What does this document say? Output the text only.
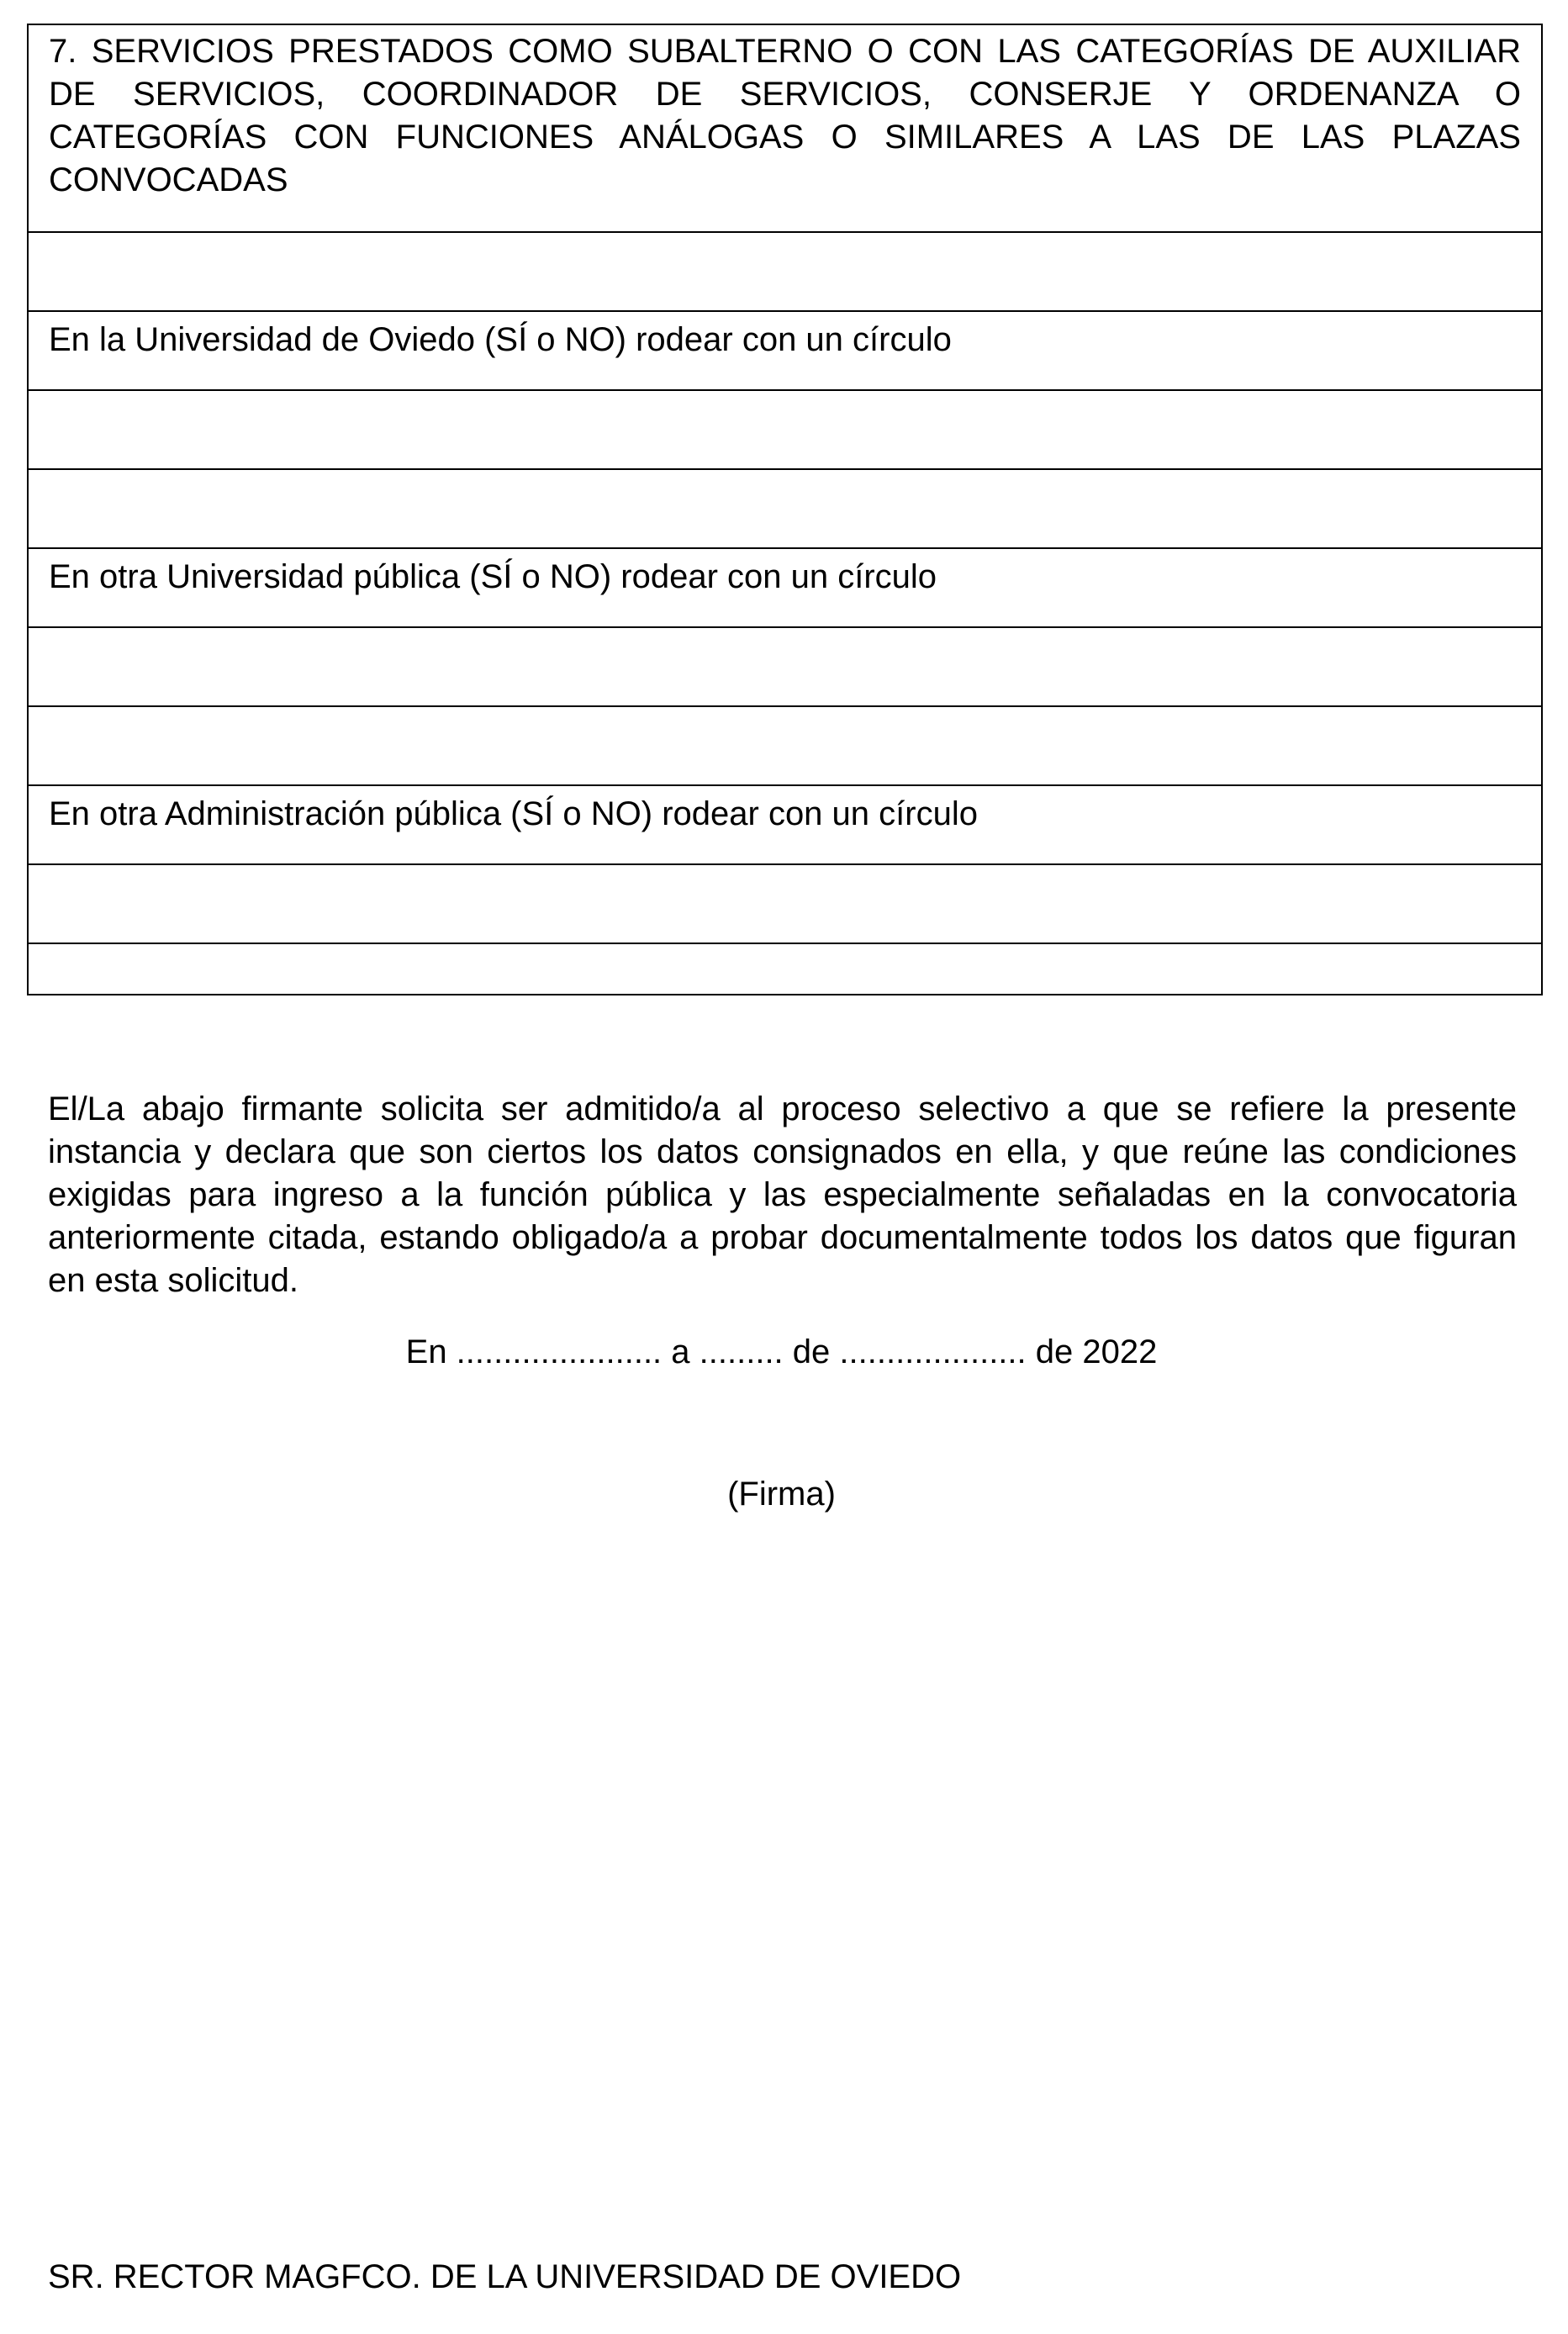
7. SERVICIOS PRESTADOS COMO SUBALTERNO O CON LAS CATEGORÍAS DE AUXILIAR
DE SERVICIOS, COORDINADOR DE SERVICIOS, CONSERJE Y ORDENANZA O
CATEGORÍAS CON FUNCIONES ANÁLOGAS O SIMILARES A LAS DE LAS PLAZAS
CONVOCADAS

En la Universidad de Oviedo (SÍ o NO) rodear con un círculo

En otra Universidad pública (SÍ o NO) rodear con un círculo

En otra Administración pública (SÍ o NO) rodear con un círculo

El/La abajo firmante solicita ser admitido/a al proceso selectivo a que se refiere la presente instancia y declara que son ciertos los datos consignados en ella, y que reúne las condiciones exigidas para ingreso a la función pública y las especialmente señaladas en la convocatoria anteriormente citada, estando obligado/a a probar documentalmente todos los datos que figuran en esta solicitud.

En ...................... a ......... de .................... de 2022

(Firma)

SR. RECTOR MAGFCO. DE LA UNIVERSIDAD DE OVIEDO
